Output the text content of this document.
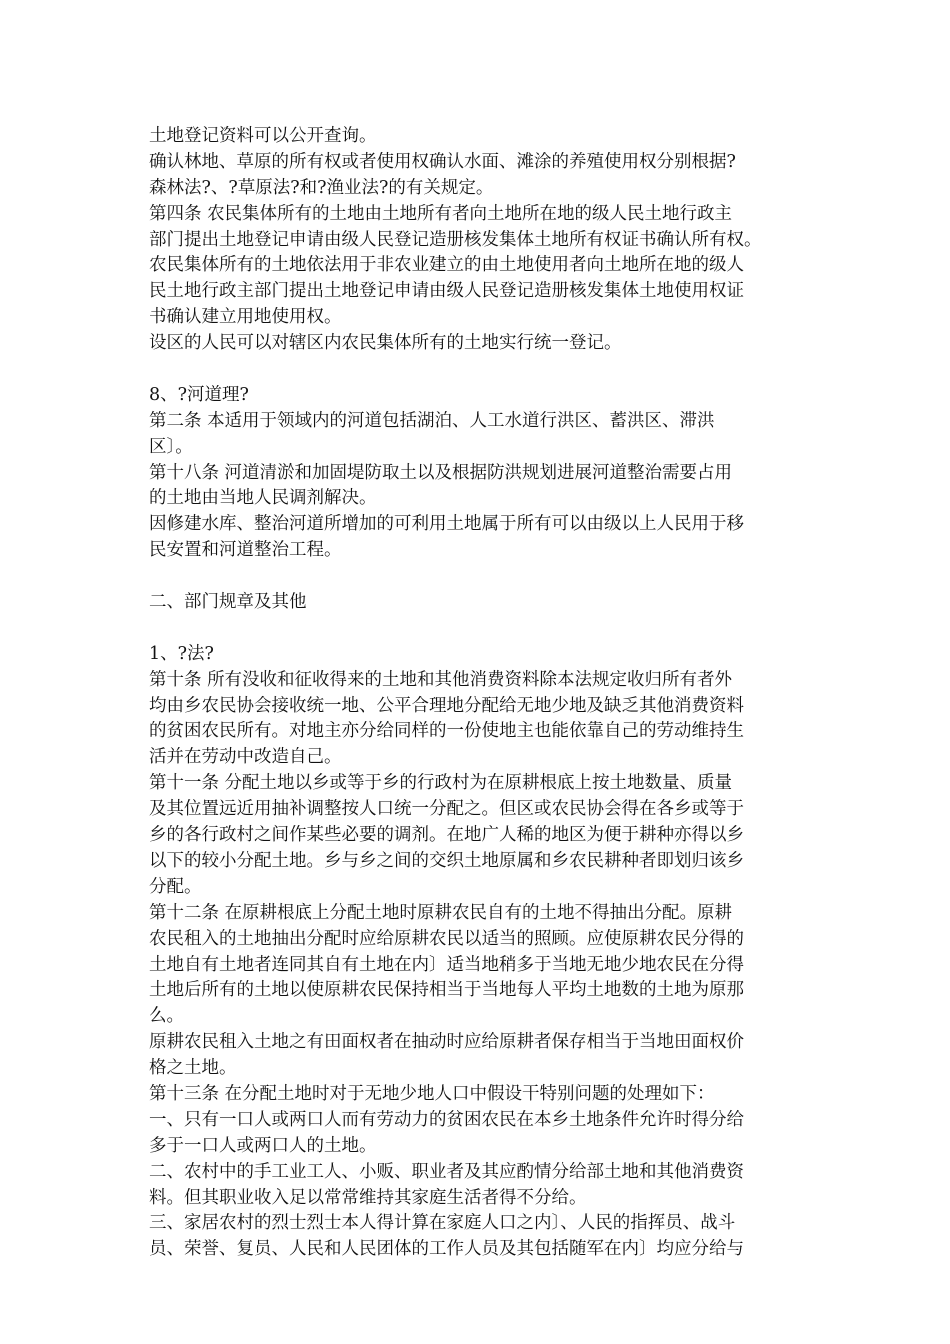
土地登记资料可以公开查询。
确认林地、草原的所有权或者使用权确认水面、滩涂的养殖使用权分别根据?
森林法?、?草原法?和?渔业法?的有关规定。
第四条 农民集体所有的土地由土地所有者向土地所在地的级人民土地行政主
部门提出土地登记申请由级人民登记造册核发集体土地所有权证书确认所有权。
农民集体所有的土地依法用于非农业建立的由土地使用者向土地所在地的级人
民土地行政主部门提出土地登记申请由级人民登记造册核发集体土地使用权证
书确认建立用地使用权。
设区的人民可以对辖区内农民集体所有的土地实行统一登记。
8、?河道理?
第二条 本适用于领域内的河道包括湖泊、人工水道行洪区、蓄洪区、滞洪
区〕。
第十八条 河道清淤和加固堤防取土以及根据防洪规划进展河道整治需要占用
的土地由当地人民调剂解决。
因修建水库、整治河道所增加的可利用土地属于所有可以由级以上人民用于移
民安置和河道整治工程。
二、部门规章及其他
1、?法?
第十条 所有没收和征收得来的土地和其他消费资料除本法规定收归所有者外
均由乡农民协会接收统一地、公平合理地分配给无地少地及缺乏其他消费资料
的贫困农民所有。对地主亦分给同样的一份使地主也能依靠自己的劳动维持生
活并在劳动中改造自己。
第十一条 分配土地以乡或等于乡的行政村为在原耕根底上按土地数量、质量
及其位置远近用抽补调整按人口统一分配之。但区或农民协会得在各乡或等于
乡的各行政村之间作某些必要的调剂。在地广人稀的地区为便于耕种亦得以乡
以下的较小分配土地。乡与乡之间的交织土地原属和乡农民耕种者即划归该乡
分配。
第十二条 在原耕根底上分配土地时原耕农民自有的土地不得抽出分配。原耕
农民租入的土地抽出分配时应给原耕农民以适当的照顾。应使原耕农民分得的
土地自有土地者连同其自有土地在内〕适当地稍多于当地无地少地农民在分得
土地后所有的土地以使原耕农民保持相当于当地每人平均土地数的土地为原那
么。
原耕农民租入土地之有田面权者在抽动时应给原耕者保存相当于当地田面权价
格之土地。
第十三条 在分配土地时对于无地少地人口中假设干特别问题的处理如下：
一、只有一口人或两口人而有劳动力的贫困农民在本乡土地条件允许时得分给
多于一口人或两口人的土地。
二、农村中的手工业工人、小贩、职业者及其应酌情分给部土地和其他消费资
料。但其职业收入足以常常维持其家庭生活者得不分给。
三、家居农村的烈士烈士本人得计算在家庭人口之内〕、人民的指挥员、战斗
员、荣誉、复员、人民和人民团体的工作人员及其包括随军在内〕均应分给与
